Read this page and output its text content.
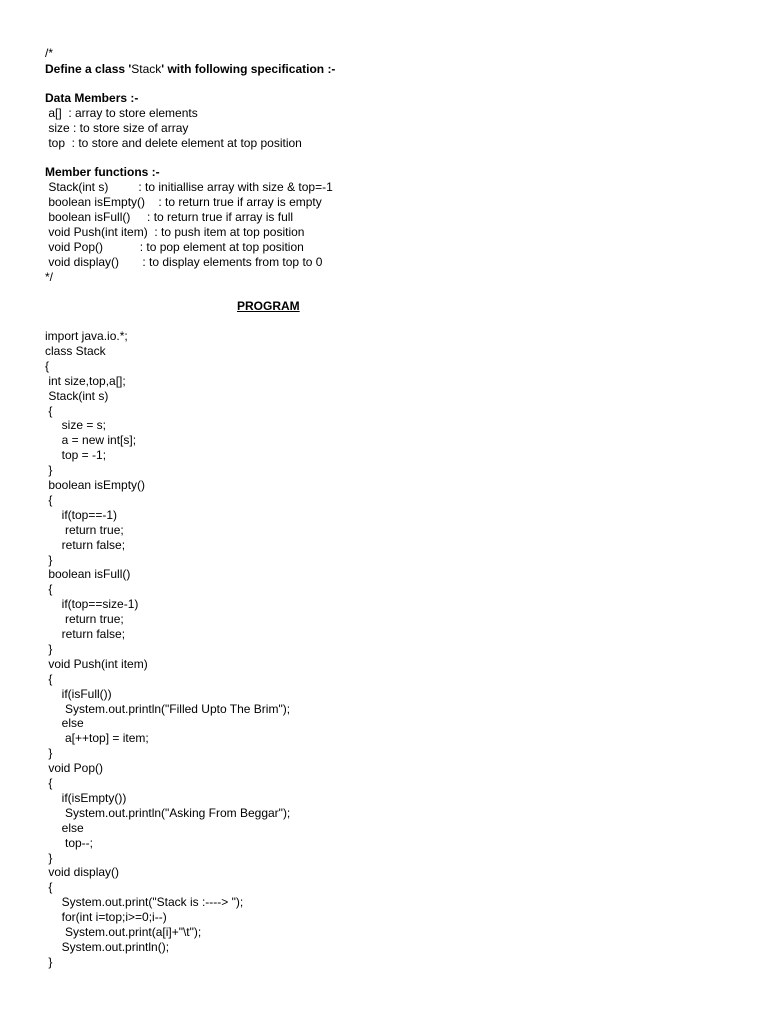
/*
Define a class 'Stack' with following specification :-
Data Members :-
a[]  : array to store elements
size : to store size of array
top  : to store and delete element at top position
Member functions :-
Stack(int s)         : to initiallise array with size & top=-1
boolean isEmpty()    : to return true if array is empty
boolean isFull()     : to return true if array is full
void Push(int item)  : to push item at top position
void Pop()           : to pop element at top position
void display()       : to display elements from top to 0
*/
PROGRAM
import java.io.*;
class Stack
{
int size,top,a[];
Stack(int s)
{
size = s;
a = new int[s];
top = -1;
}
boolean isEmpty()
{
if(top==-1)
return true;
return false;
}
boolean isFull()
{
if(top==size-1)
return true;
return false;
}
void Push(int item)
{
if(isFull())
System.out.println("Filled Upto The Brim");
else
a[++top] = item;
}
void Pop()
{
if(isEmpty())
System.out.println("Asking From Beggar");
else
top--;
}
void display()
{
System.out.print("Stack is :----> ");
for(int i=top;i>=0;i--)
System.out.print(a[i]+"\t");
System.out.println();
}
